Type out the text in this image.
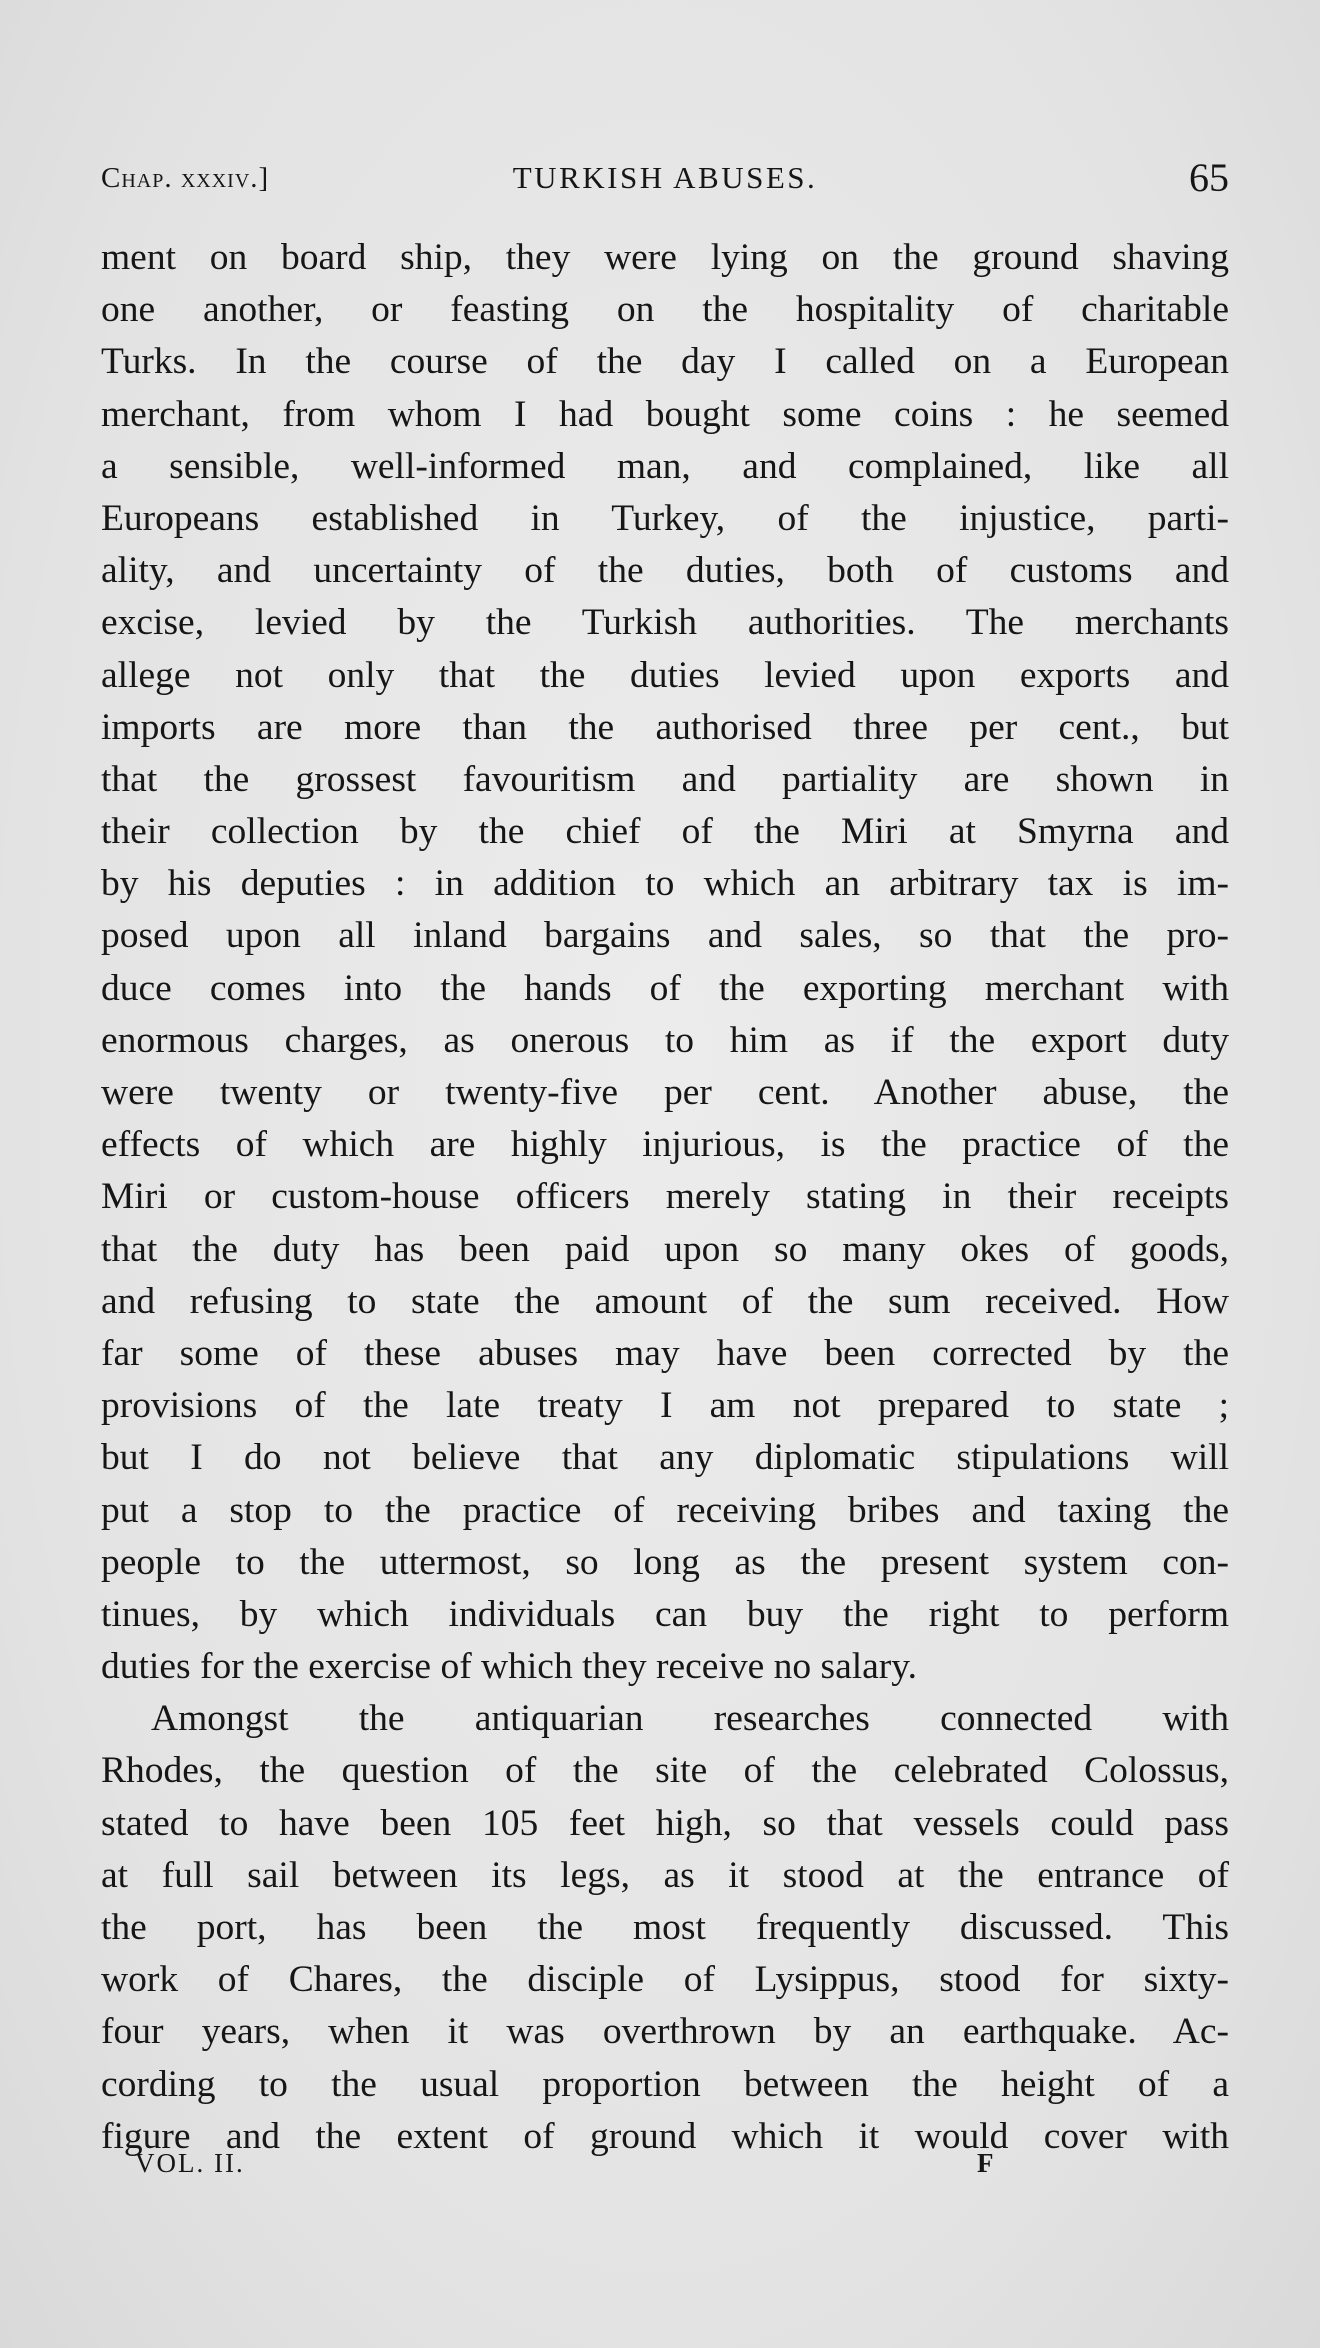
Chap. xxxiv.]	TURKISH ABUSES.	65
ment on board ship, they were lying on the ground shaving
one another, or feasting on the hospitality of charitable
Turks. In the course of the day I called on a European
merchant, from whom I had bought some coins : he seemed
a sensible, well-informed man, and complained, like all
Europeans established in Turkey, of the injustice, parti-
ality, and uncertainty of the duties, both of customs and
excise, levied by the Turkish authorities. The merchants
allege not only that the duties levied upon exports and
imports are more than the authorised three per cent., but
that the grossest favouritism and partiality are shown in
their collection by the chief of the Miri at Smyrna and
by his deputies : in addition to which an arbitrary tax is im-
posed upon all inland bargains and sales, so that the pro-
duce comes into the hands of the exporting merchant with
enormous charges, as onerous to him as if the export duty
were twenty or twenty-five per cent. Another abuse, the
effects of which are highly injurious, is the practice of the
Miri or custom-house officers merely stating in their receipts
that the duty has been paid upon so many okes of goods,
and refusing to state the amount of the sum received. How
far some of these abuses may have been corrected by the
provisions of the late treaty I am not prepared to state ;
but I do not believe that any diplomatic stipulations will
put a stop to the practice of receiving bribes and taxing the
people to the uttermost, so long as the present system con-
tinues, by which individuals can buy the right to perform
duties for the exercise of which they receive no salary.
Amongst the antiquarian researches connected with
Rhodes, the question of the site of the celebrated Colossus,
stated to have been 105 feet high, so that vessels could pass
at full sail between its legs, as it stood at the entrance of
the port, has been the most frequently discussed. This
work of Chares, the disciple of Lysippus, stood for sixty-
four years, when it was overthrown by an earthquake. Ac-
cording to the usual proportion between the height of a
figure and the extent of ground which it would cover with
VOL. II.	F
